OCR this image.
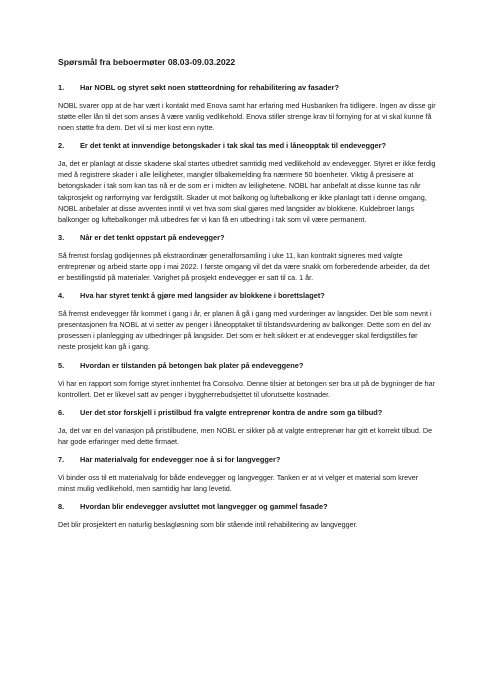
Spørsmål fra beboermøter 08.03-09.03.2022
1.	Har NOBL og styret søkt noen støtteordning for rehabilitering av fasader?

NOBL svarer opp at de har vært i kontakt med Enova samt har erfaring med Husbanken fra tidligere. Ingen av disse gir støtte eller lån til det som anses å være vanlig vedlikehold. Enova stiller strenge krav til fornying for at vi skal kunne få noen støtte fra dem. Det vil si mer kost enn nytte.

2.	Er det tenkt at innvendige betongskader i tak skal tas med i låneopptak til endevegger?

Ja, det er planlagt at disse skadene skal startes utbedret samtidig med vedlikehold av endevegger. Styret er ikke ferdig med å registrere skader i alle leiligheter, mangler tilbakemelding fra nærmere 50 boenheter. Viktig å presisere at betongskader i tak som kan tas nå er de som er i midten av leilighetene. NOBL har anbefalt at disse kunne tas når takprosjekt og rørfornying var ferdigstilt. Skader ut mot balkong og luftebalkong er ikke planlagt tatt i denne omgang, NOBL anbefaler at disse avventes inntil vi vet hva som skal gjøres med langsider av blokkene. Kuldebroer langs balkonger og luftebalkonger må utbedres før vi kan få en utbedring i tak som vil være permanent.

3.	Når er det tenkt oppstart på endevegger?

Så fremst forslag godkjennes på ekstraordinær generalforsamling i uke 11, kan kontrakt signeres med valgte entreprenør og arbeid starte opp i mai 2022. I første omgang vil det da være snakk om forberedende arbeider, da det er bestillingstid på materialer. Varighet på prosjekt endevegger er satt til ca. 1 år.

4.	Hva har styret tenkt å gjøre med langsider av blokkene i borettslaget?

Så fremst endevegger får kommet i gang i år, er planen å gå i gang med vurderinger av langsider. Det ble som nevnt i presentasjonen fra NOBL at vi setter av penger i låneopptaket til tilstandsvurdering av balkonger. Dette som en del av prosessen i planlegging av utbedringer på langsider. Det som er helt sikkert er at endevegger skal ferdigstilles før neste prosjekt kan gå i gang.

5.	Hvordan er tilstanden på betongen bak plater på endeveggene?

Vi har en rapport som forrige styret innhentet fra Consolvo. Denne tilsier at betongen ser bra ut på de bygninger de har kontrollert. Det er likevel satt av penger i byggherrebudsjettet til uforutsette kostnader.

6.	Uer det stor forskjell i pristilbud fra valgte entreprenør kontra de andre som ga tilbud?

Ja, det var en del variasjon på pristilbudene, men NOBL er sikker på at valgte entreprenør har gitt et korrekt tilbud. De har gode erfaringer med dette firmaet.

7.	Har materialvalg for endevegger noe å si for langvegger?

Vi binder oss til ett materialvalg for både endevegger og langvegger. Tanken er at vi velger et material som krever minst mulig vedlikehold, men samtidig har lang levetid.

8.	Hvordan blir endevegger avsluttet mot langvegger og gammel fasade?

Det blir prosjektert en naturlig beslagløsning som blir stående intil rehabilitering av langvegger.
